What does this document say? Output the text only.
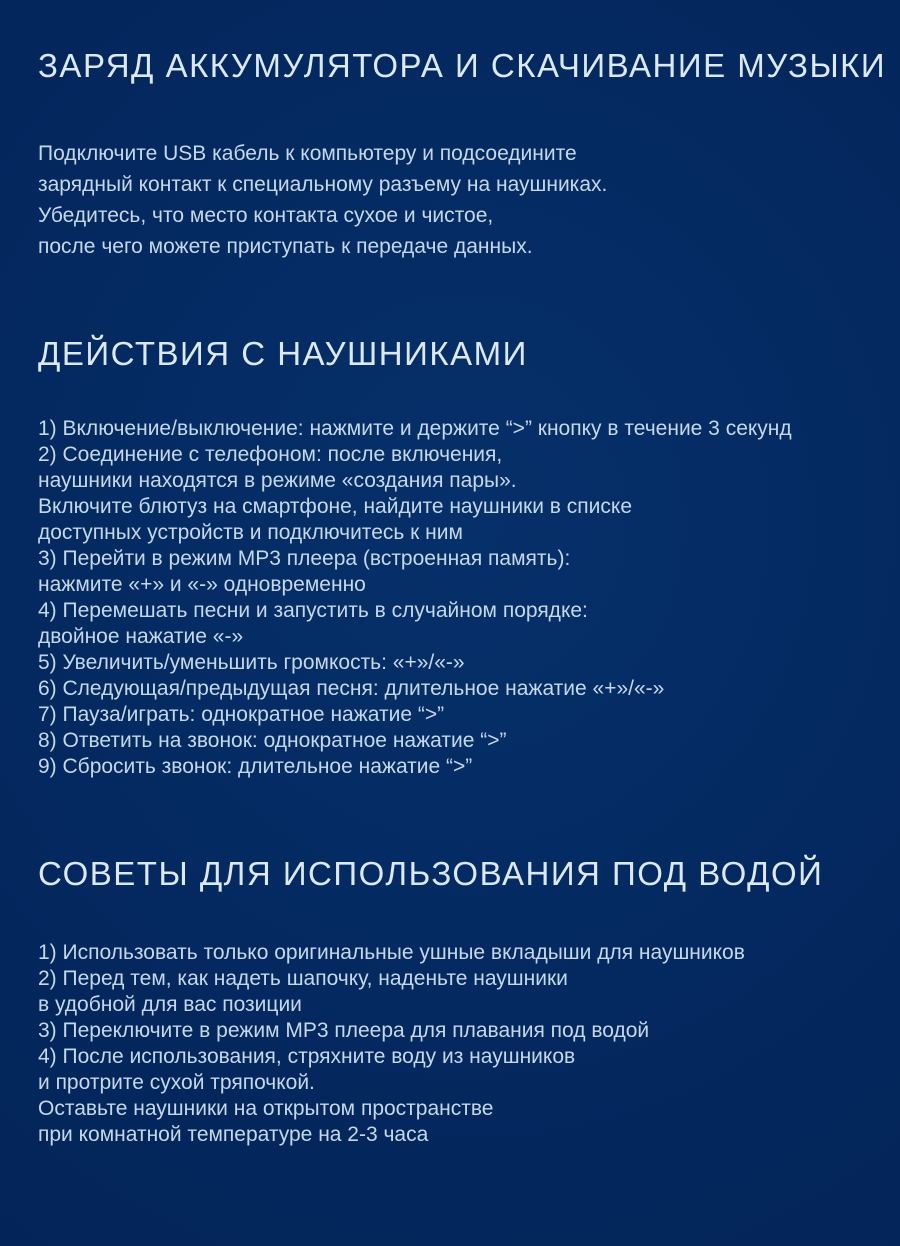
ЗАРЯД АККУМУЛЯТОРА И СКАЧИВАНИЕ МУЗЫКИ
Подключите USB кабель к компьютеру и подсоедините
зарядный контакт к специальному разъему на наушниках.
Убедитесь, что место контакта сухое и чистое,
после чего можете приступать к передаче данных.
ДЕЙСТВИЯ С НАУШНИКАМИ
1) Включение/выключение: нажмите и держите “>” кнопку в течение 3 секунд
2) Соединение с телефоном: после включения,
наушники находятся в режиме «создания пары».
Включите блютуз на смартфоне, найдите наушники в списке
доступных устройств и подключитесь к ним
3) Перейти в режим MP3 плеера (встроенная память):
нажмите «+» и «-» одновременно
4) Перемешать песни и запустить в случайном порядке:
двойное нажатие «-»
5) Увеличить/уменьшить громкость: «+»/«-»
6) Следующая/предыдущая песня: длительное нажатие «+»/«-»
7) Пауза/играть: однократное нажатие “>”
8) Ответить на звонок: однократное нажатие “>”
9) Сбросить звонок: длительное нажатие “>”
СОВЕТЫ ДЛЯ ИСПОЛЬЗОВАНИЯ ПОД ВОДОЙ
1) Использовать только оригинальные ушные вкладыши для наушников
2) Перед тем, как надеть шапочку, наденьте наушники
в удобной для вас позиции
3) Переключите в режим MP3 плеера для плавания под водой
4) После использования, стряхните воду из наушников
и протрите сухой тряпочкой.
Оставьте наушники на открытом пространстве
при комнатной температуре на 2-3 часа
